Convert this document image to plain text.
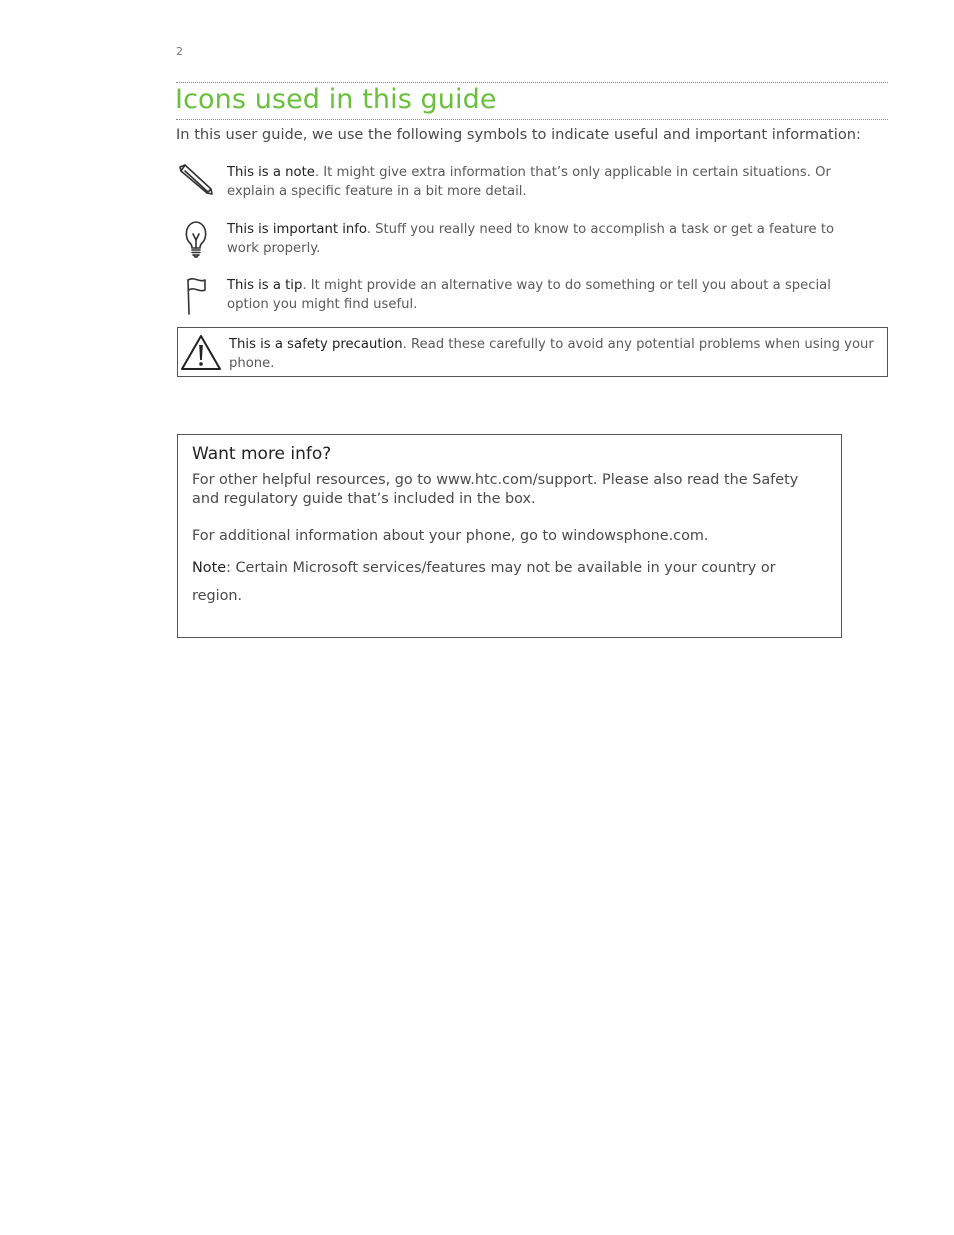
2
Icons used in this guide
In this user guide, we use the following symbols to indicate useful and important information:
This is a note. It might give extra information that’s only applicable in certain situations. Or explain a specific feature in a bit more detail.
This is important info. Stuff you really need to know to accomplish a task or get a feature to work properly.
This is a tip. It might provide an alternative way to do something or tell you about a special option you might find useful.
This is a safety precaution. Read these carefully to avoid any potential problems when using your phone.
Want more info?

For other helpful resources, go to www.htc.com/support. Please also read the Safety and regulatory guide that’s included in the box.

For additional information about your phone, go to windowsphone.com.

Note: Certain Microsoft services/features may not be available in your country or region.
